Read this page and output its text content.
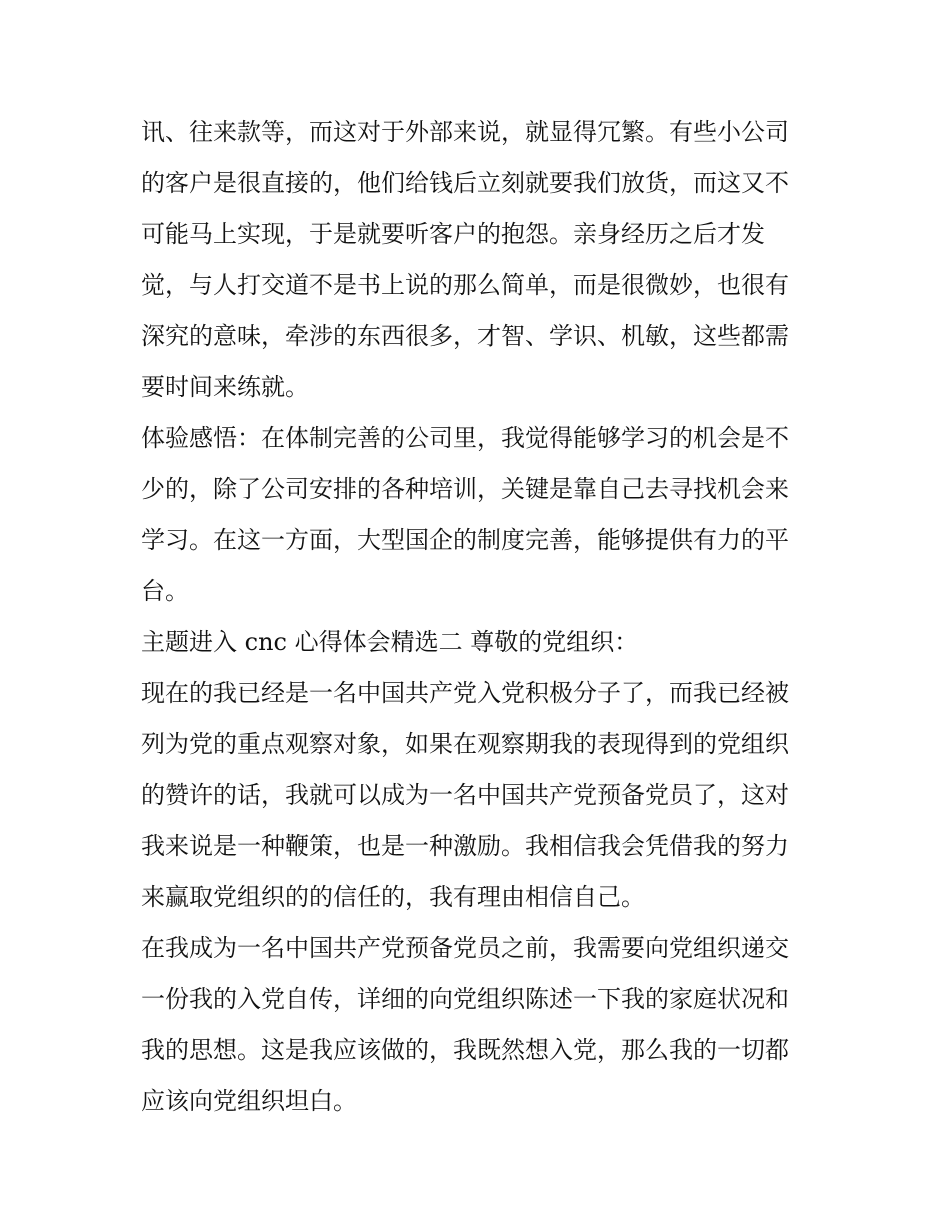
讯、往来款等，而这对于外部来说，就显得冗繁。有些小公司
的客户是很直接的，他们给钱后立刻就要我们放货，而这又不
可能马上实现，于是就要听客户的抱怨。亲身经历之后才发
觉，与人打交道不是书上说的那么简单，而是很微妙，也很有
深究的意味，牵涉的东西很多，才智、学识、机敏，这些都需
要时间来练就。

体验感悟：在体制完善的公司里，我觉得能够学习的机会是不
少的，除了公司安排的各种培训，关键是靠自己去寻找机会来
学习。在这一方面，大型国企的制度完善，能够提供有力的平
台。

主题进入 cnc 心得体会精选二 尊敬的党组织：

现在的我已经是一名中国共产党入党积极分子了，而我已经被
列为党的重点观察对象，如果在观察期我的表现得到的党组织
的赞许的话，我就可以成为一名中国共产党预备党员了，这对
我来说是一种鞭策，也是一种激励。我相信我会凭借我的努力
来赢取党组织的的信任的，我有理由相信自己。

在我成为一名中国共产党预备党员之前，我需要向党组织递交
一份我的入党自传，详细的向党组织陈述一下我的家庭状况和
我的思想。这是我应该做的，我既然想入党，那么我的一切都
应该向党组织坦白。
